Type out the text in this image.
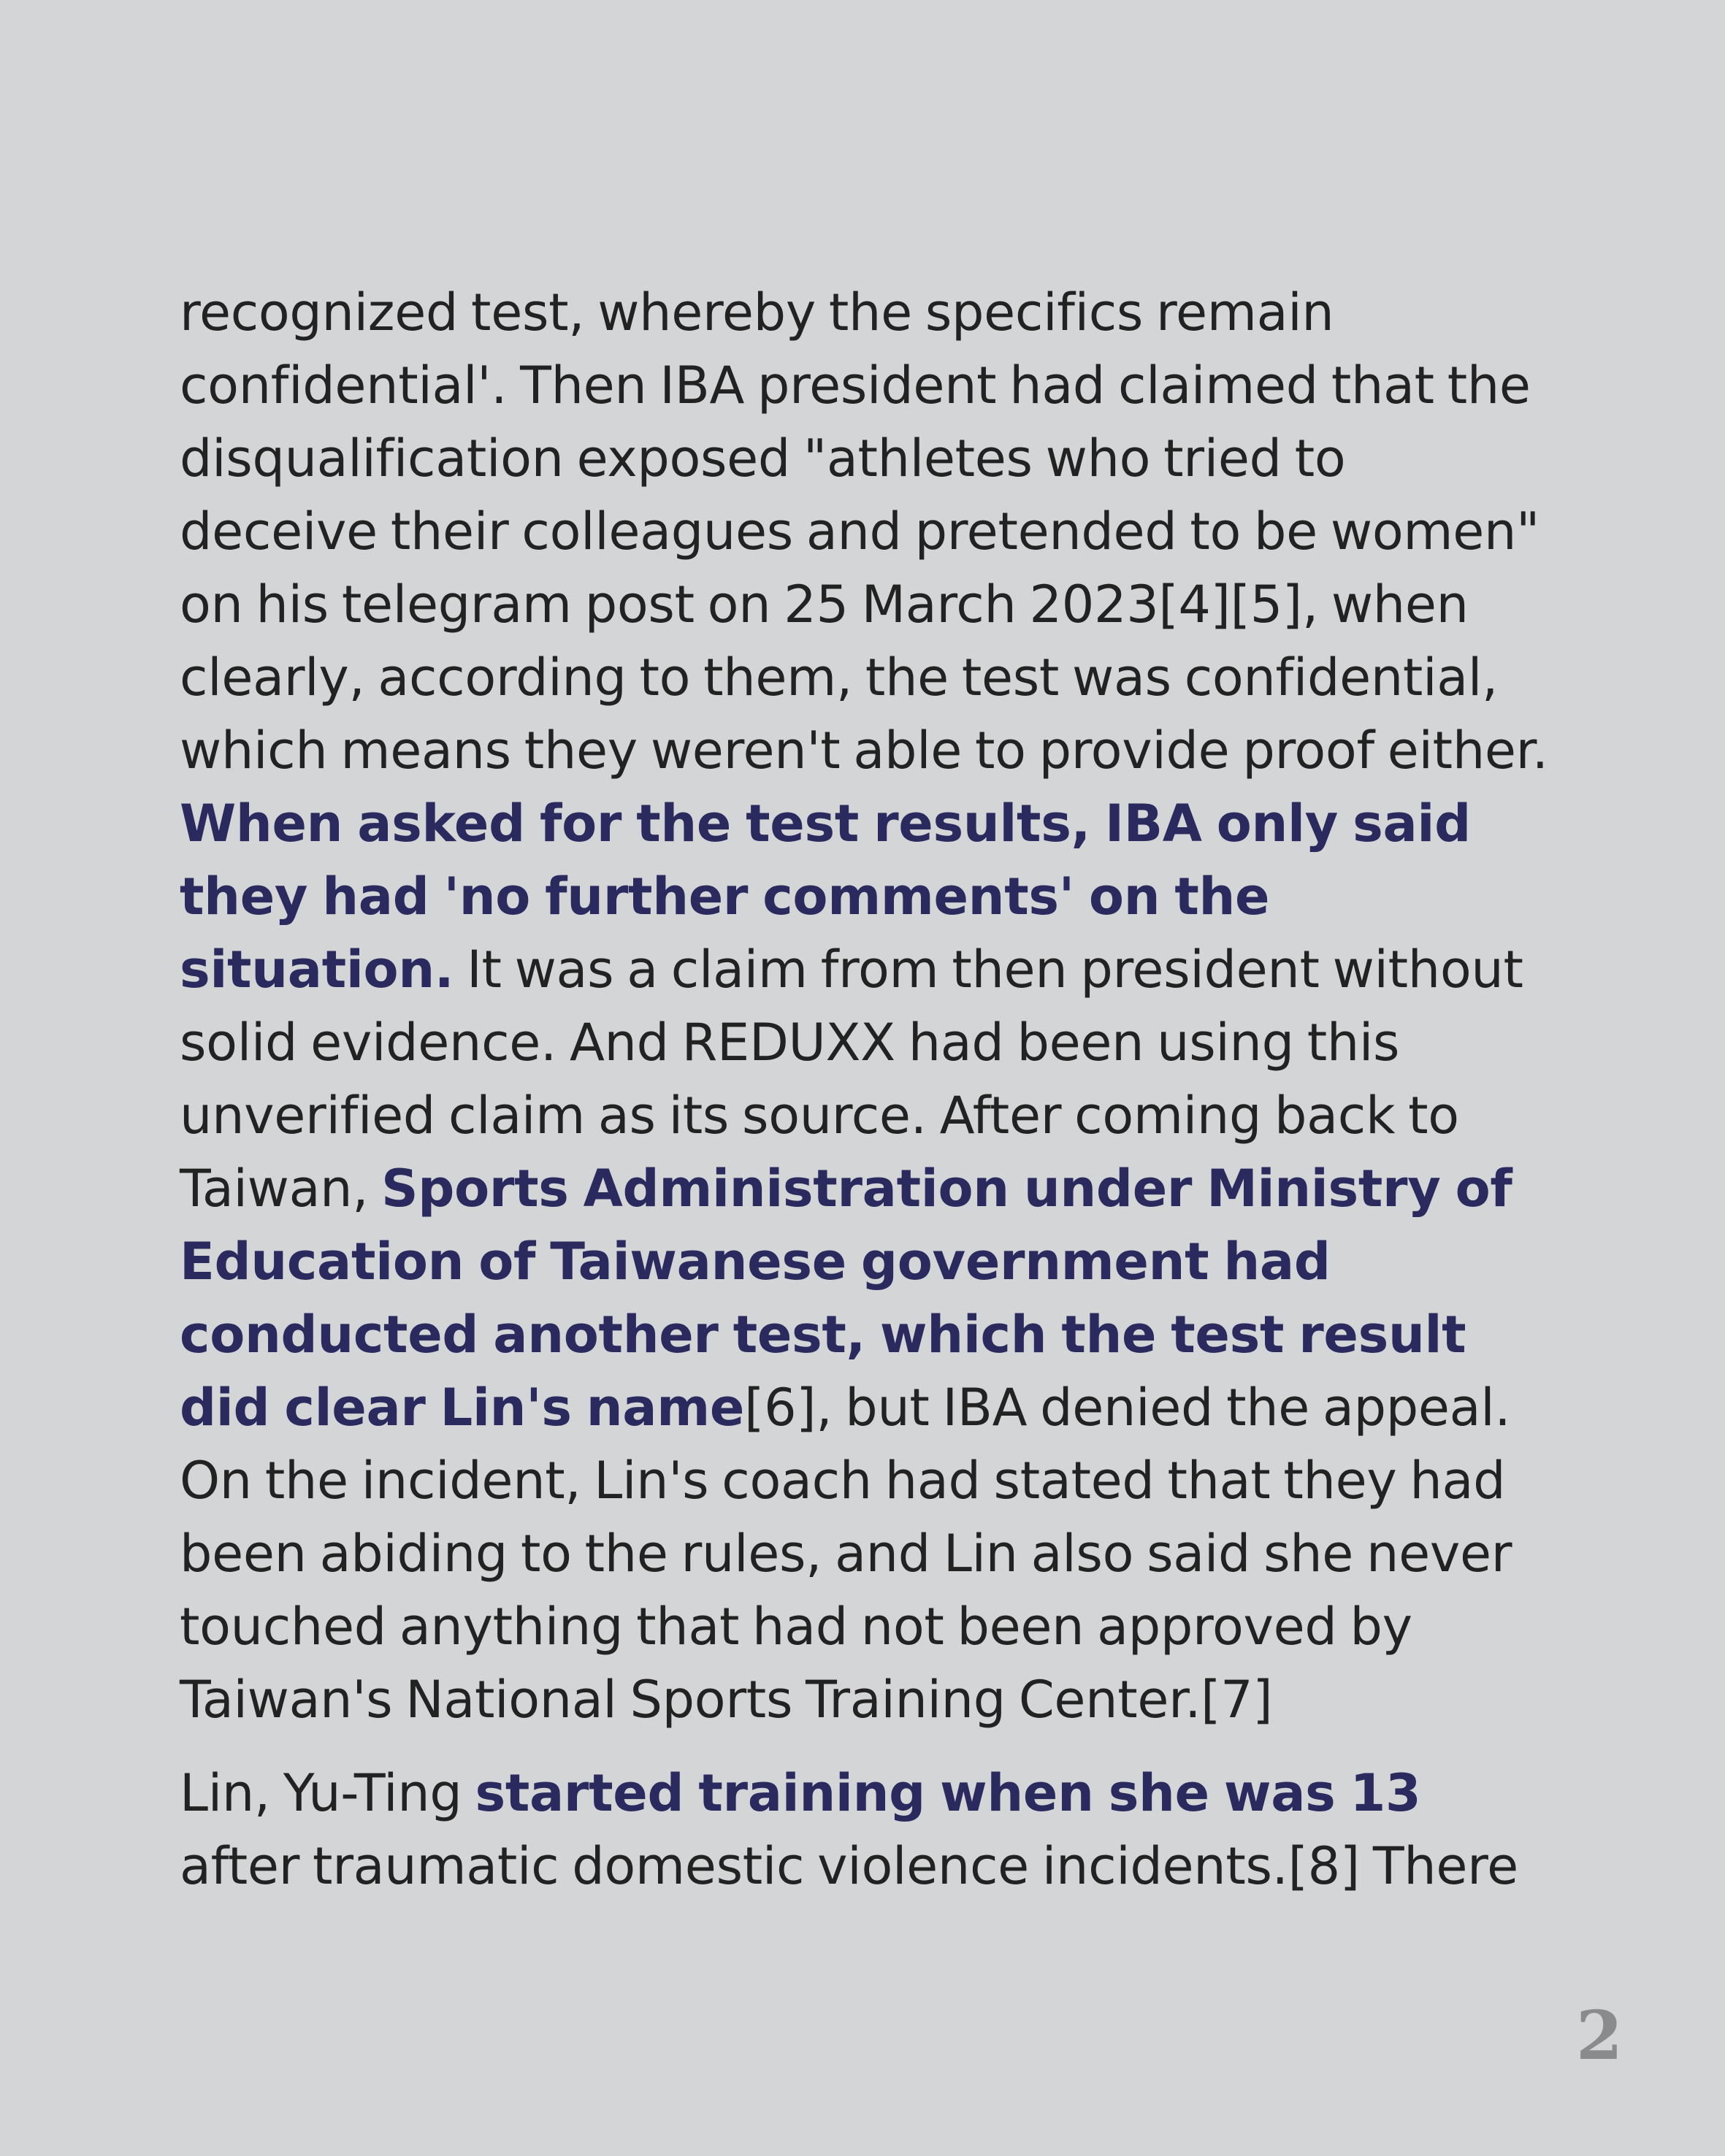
recognized test, whereby the specifics remain confidential'. Then IBA president had claimed that the disqualification exposed "athletes who tried to deceive their colleagues and pretended to be women" on his telegram post on 25 March 2023[4][5], when clearly, according to them, the test was confidential, which means they weren't able to provide proof either. When asked for the test results, IBA only said they had 'no further comments' on the situation. It was a claim from then president without solid evidence. And REDUXX had been using this unverified claim as its source. After coming back to Taiwan, Sports Administration under Ministry of Education of Taiwanese government had conducted another test, which the test result did clear Lin's name[6], but IBA denied the appeal. On the incident, Lin's coach had stated that they had been abiding to the rules, and Lin also said she never touched anything that had not been approved by Taiwan's National Sports Training Center.[7]

Lin, Yu-Ting started training when she was 13 after traumatic domestic violence incidents.[8] There

2
